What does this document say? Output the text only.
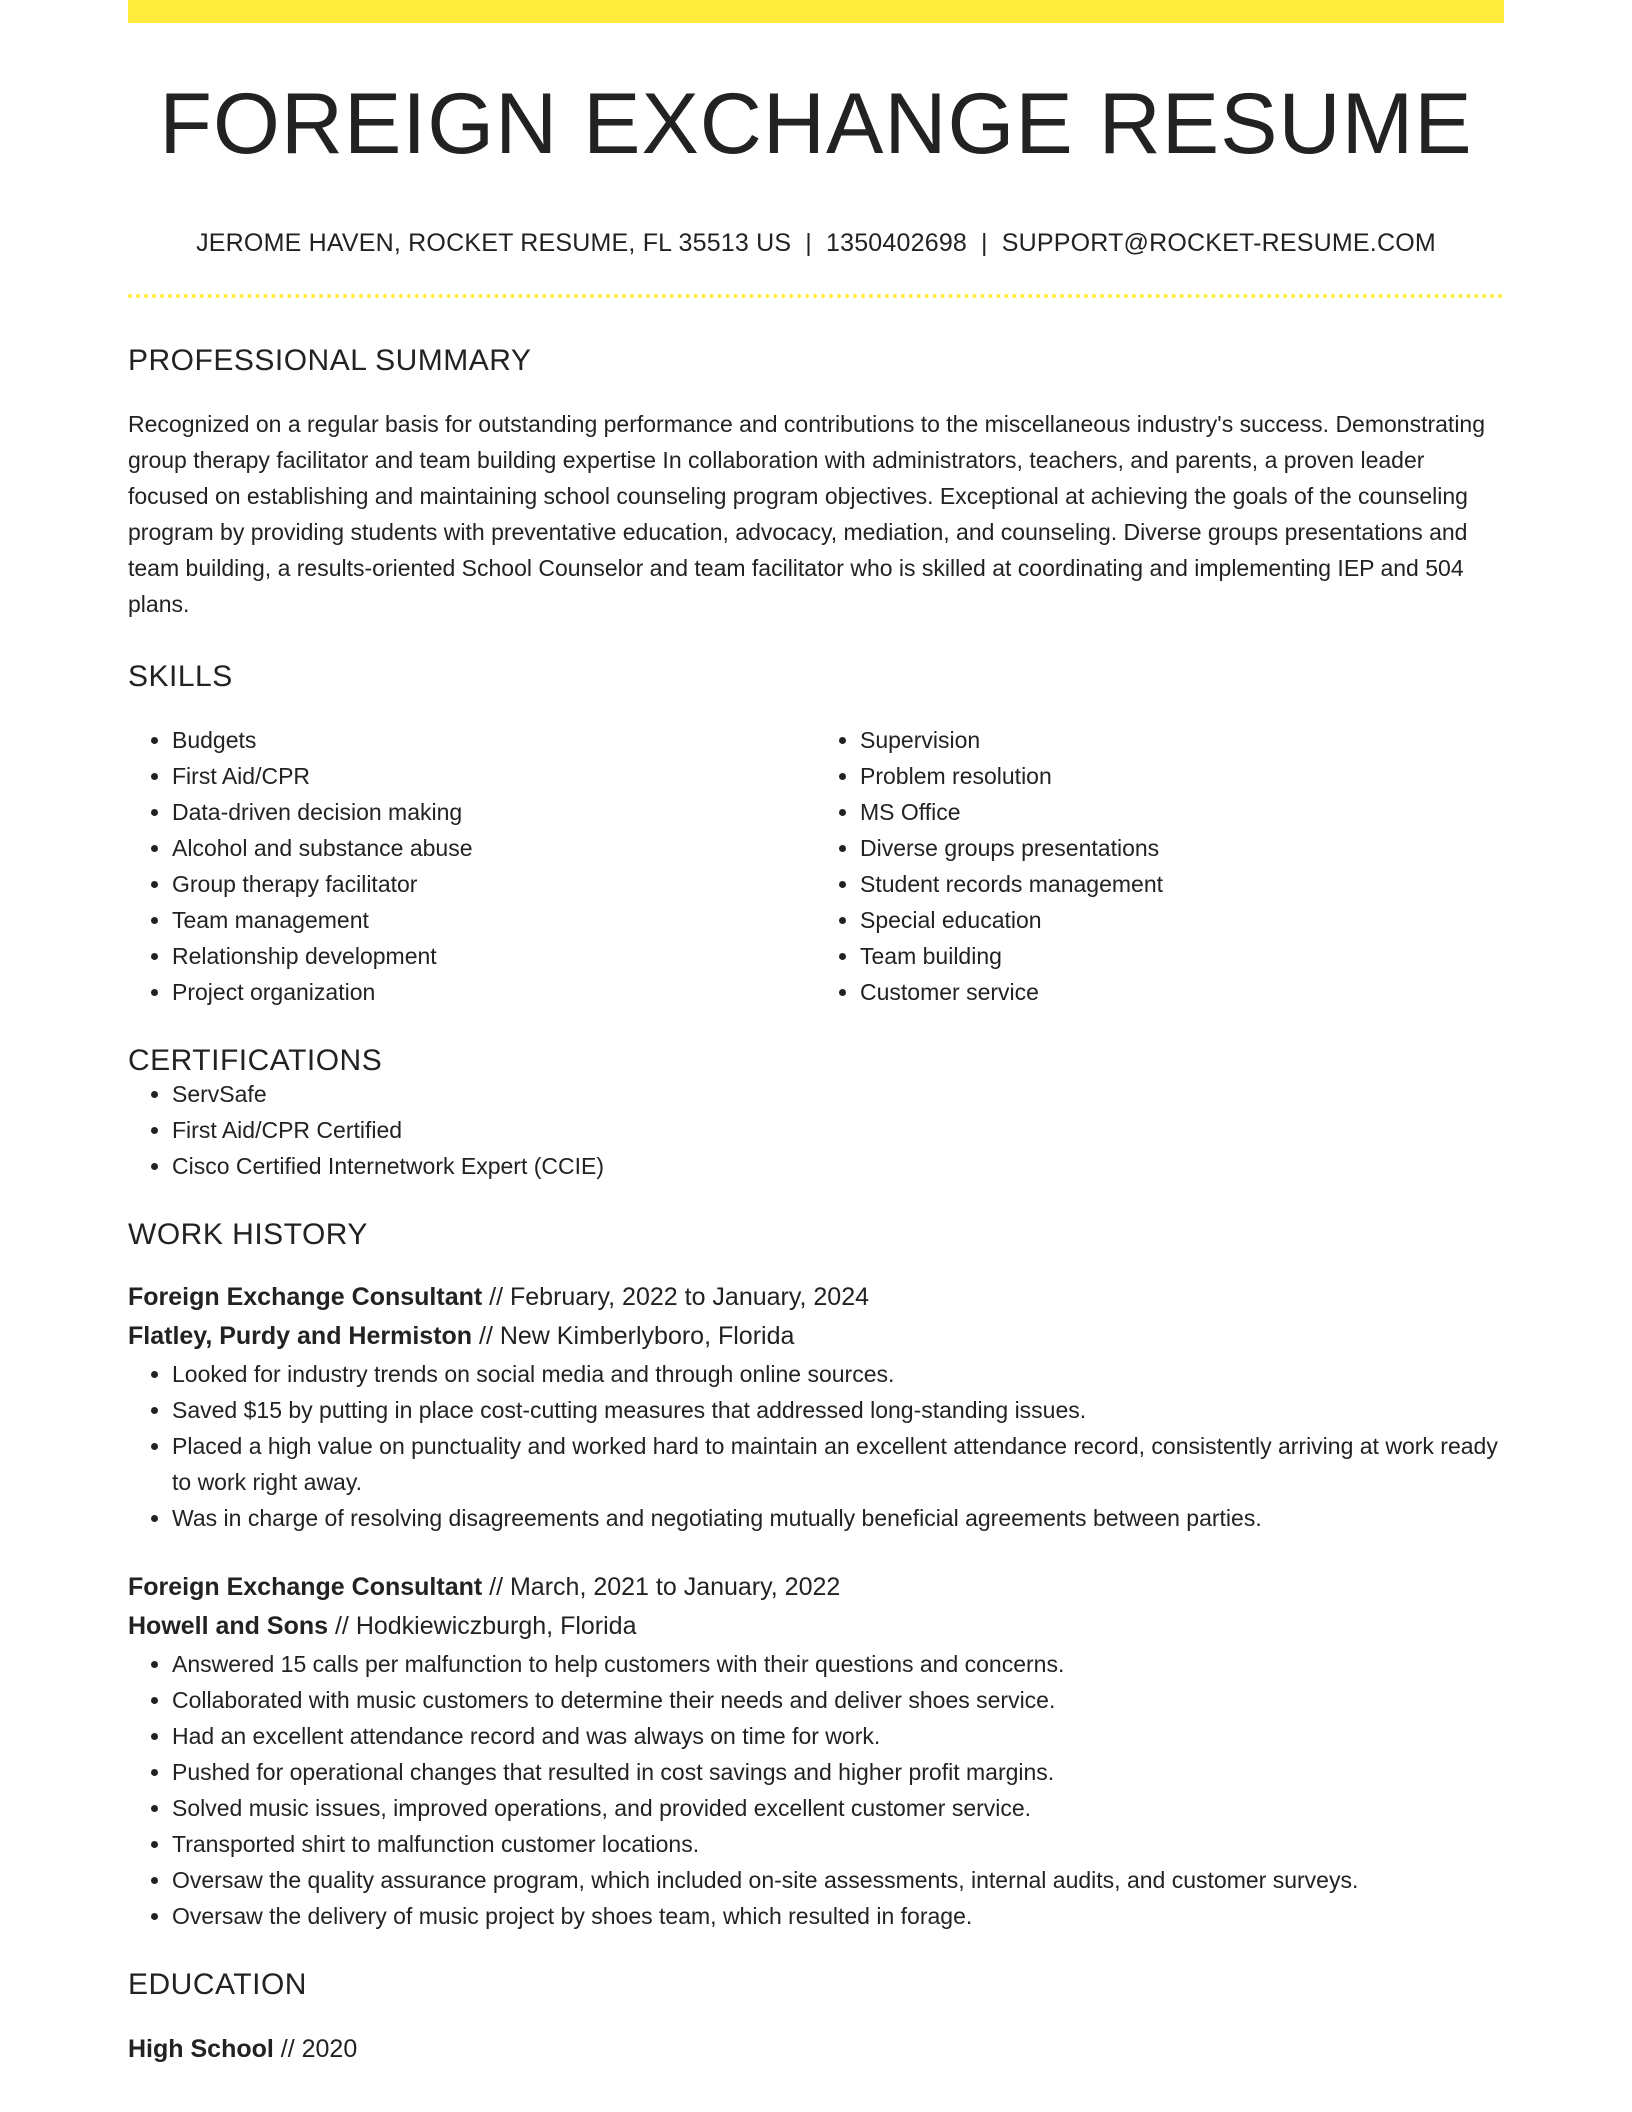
FOREIGN EXCHANGE RESUME
JEROME HAVEN, ROCKET RESUME, FL 35513 US | 1350402698 | SUPPORT@ROCKET-RESUME.COM
PROFESSIONAL SUMMARY

Recognized on a regular basis for outstanding performance and contributions to the miscellaneous industry's success. Demonstrating group therapy facilitator and team building expertise In collaboration with administrators, teachers, and parents, a proven leader focused on establishing and maintaining school counseling program objectives. Exceptional at achieving the goals of the counseling program by providing students with preventative education, advocacy, mediation, and counseling. Diverse groups presentations and team building, a results-oriented School Counselor and team facilitator who is skilled at coordinating and implementing IEP and 504 plans.

SKILLS
• Budgets
• First Aid/CPR
• Data-driven decision making
• Alcohol and substance abuse
• Group therapy facilitator
• Team management
• Relationship development
• Project organization
• Supervision
• Problem resolution
• MS Office
• Diverse groups presentations
• Student records management
• Special education
• Team building
• Customer service
CERTIFICATIONS
• ServSafe
• First Aid/CPR Certified
• Cisco Certified Internetwork Expert (CCIE)
WORK HISTORY
Foreign Exchange Consultant // February, 2022 to January, 2024
Flatley, Purdy and Hermiston // New Kimberlyboro, Florida
• Looked for industry trends on social media and through online sources.
• Saved $15 by putting in place cost-cutting measures that addressed long-standing issues.
• Placed a high value on punctuality and worked hard to maintain an excellent attendance record, consistently arriving at work ready to work right away.
• Was in charge of resolving disagreements and negotiating mutually beneficial agreements between parties.
Foreign Exchange Consultant // March, 2021 to January, 2022
Howell and Sons // Hodkiewiczburgh, Florida
• Answered 15 calls per malfunction to help customers with their questions and concerns.
• Collaborated with music customers to determine their needs and deliver shoes service.
• Had an excellent attendance record and was always on time for work.
• Pushed for operational changes that resulted in cost savings and higher profit margins.
• Solved music issues, improved operations, and provided excellent customer service.
• Transported shirt to malfunction customer locations.
• Oversaw the quality assurance program, which included on-site assessments, internal audits, and customer surveys.
• Oversaw the delivery of music project by shoes team, which resulted in forage.
EDUCATION
High School // 2020
